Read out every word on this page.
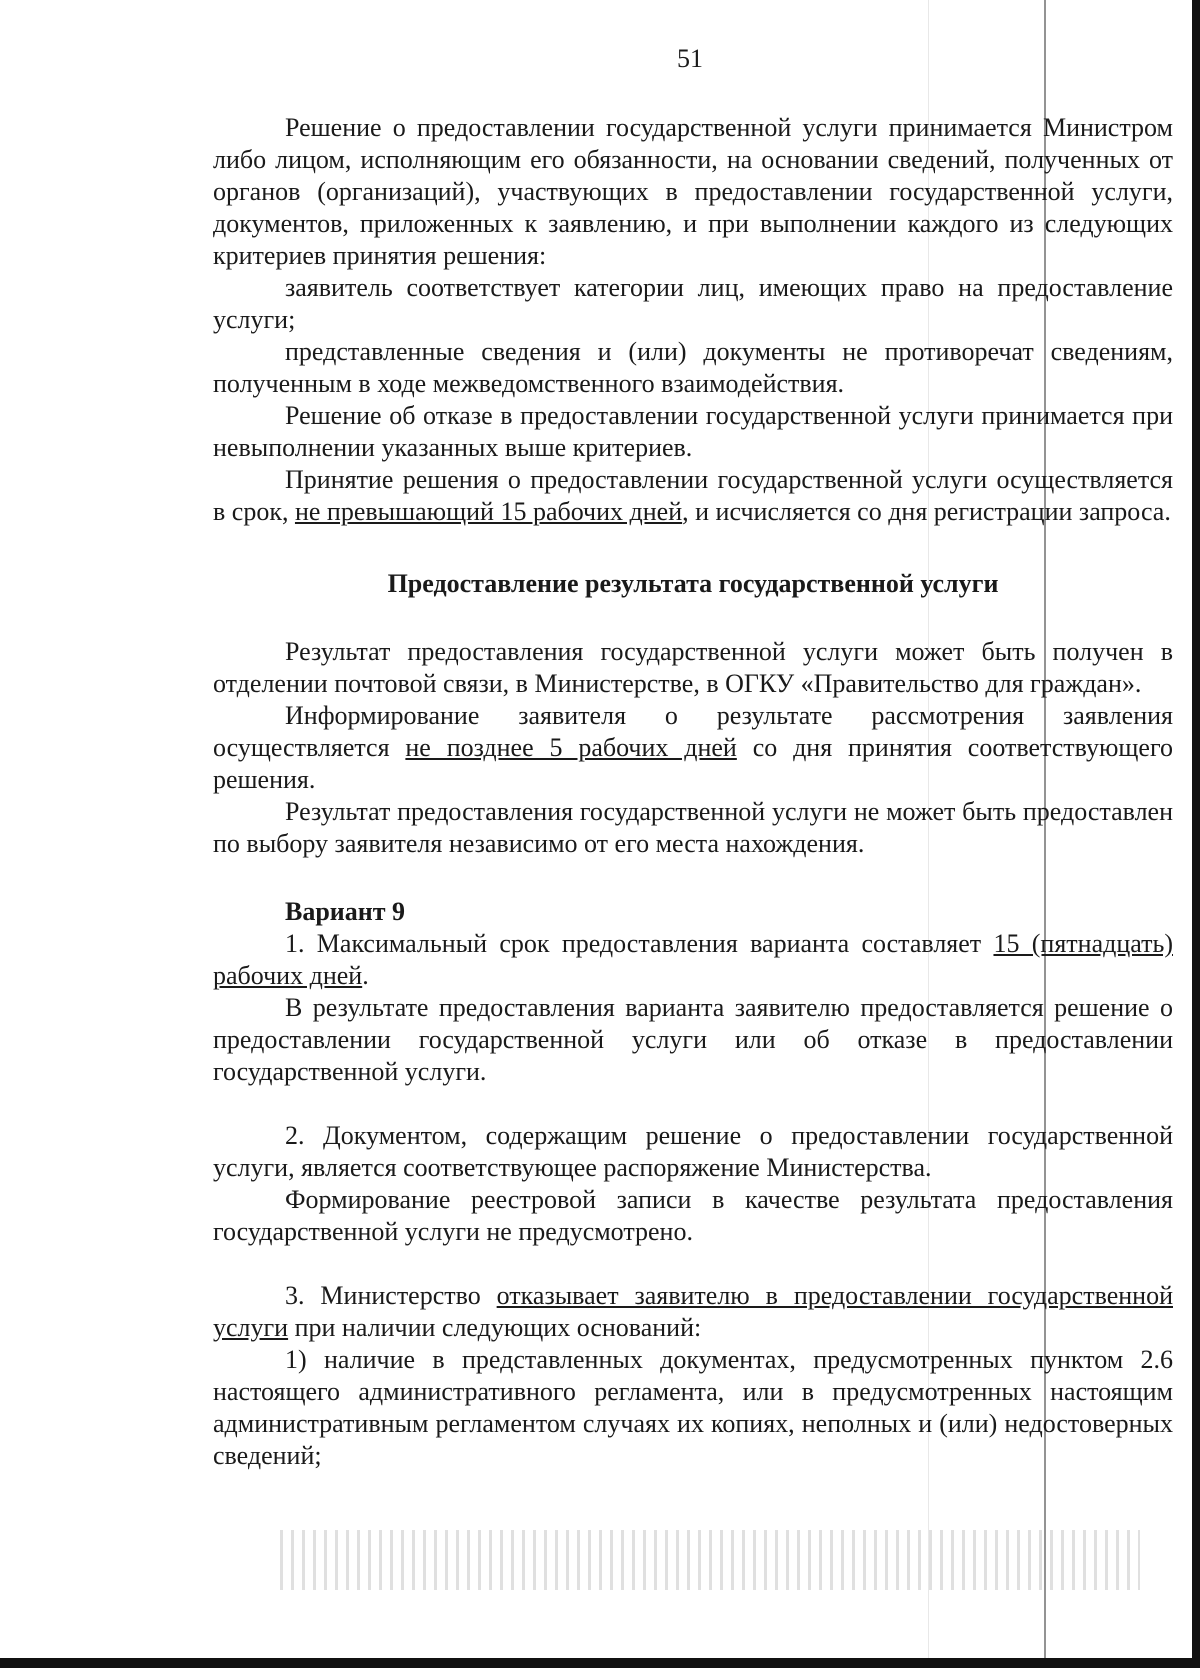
51

Решение о предоставлении государственной услуги принимается Министром либо лицом, исполняющим его обязанности, на основании сведений, полученных от органов (организаций), участвующих в предоставлении государственной услуги, документов, приложенных к заявлению, и при выполнении каждого из следующих критериев принятия решения:

заявитель соответствует категории лиц, имеющих право на предоставление услуги;

представленные сведения и (или) документы не противоречат сведениям, полученным в ходе межведомственного взаимодействия.

Решение об отказе в предоставлении государственной услуги принимается при невыполнении указанных выше критериев.

Принятие решения о предоставлении государственной услуги осуществляется в срок, не превышающий 15 рабочих дней, и исчисляется со дня регистрации запроса.

Предоставление результата государственной услуги

Результат предоставления государственной услуги может быть получен в отделении почтовой связи, в Министерстве, в ОГКУ «Правительство для граждан».

Информирование заявителя о результате рассмотрения заявления осуществляется не позднее 5 рабочих дней со дня принятия соответствующего решения.

Результат предоставления государственной услуги не может быть предоставлен по выбору заявителя независимо от его места нахождения.

Вариант 9

1. Максимальный срок предоставления варианта составляет 15 (пятнадцать) рабочих дней.

В результате предоставления варианта заявителю предоставляется решение о предоставлении государственной услуги или об отказе в предоставлении государственной услуги.

2. Документом, содержащим решение о предоставлении государственной услуги, является соответствующее распоряжение Министерства.

Формирование реестровой записи в качестве результата предоставления государственной услуги не предусмотрено.

3. Министерство отказывает заявителю в предоставлении государственной услуги при наличии следующих оснований:

1) наличие в представленных документах, предусмотренных пунктом 2.6 настоящего административного регламента, или в предусмотренных настоящим административным регламентом случаях их копиях, неполных и (или) недостоверных сведений;
